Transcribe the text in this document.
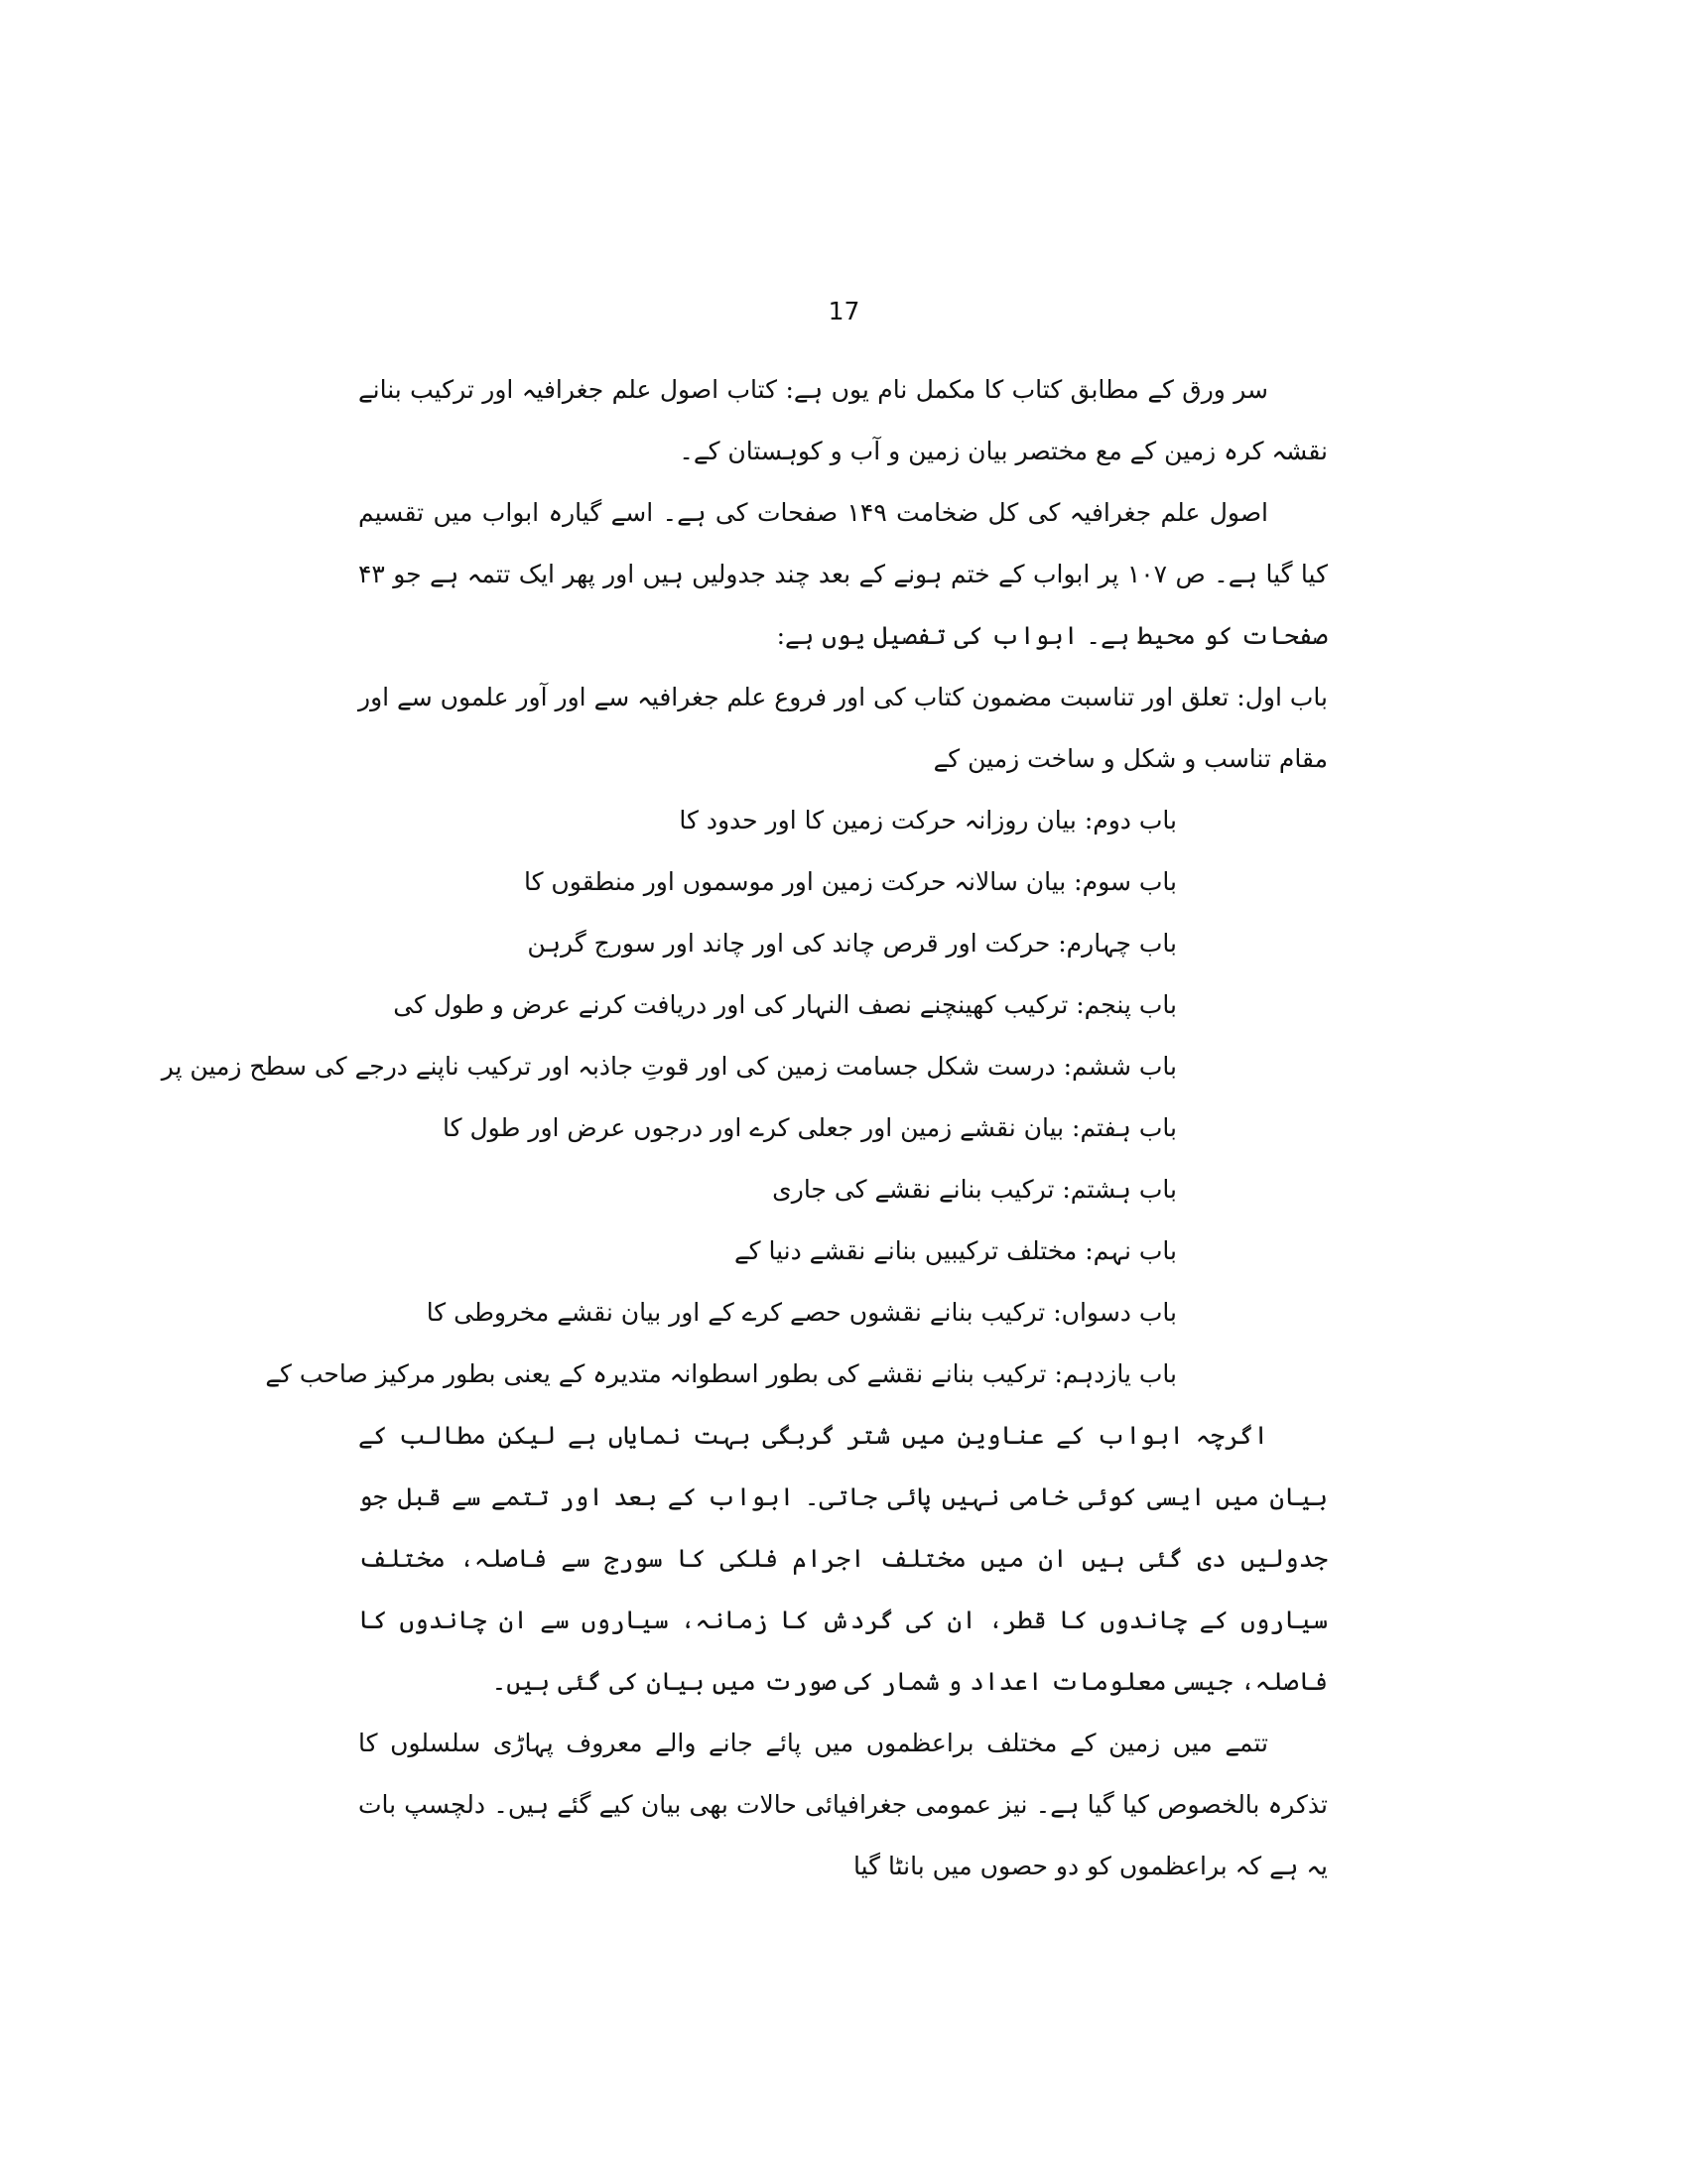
17

سر ورق کے مطابق کتاب کا مکمل نام یوں ہے: کتاب اصول علم جغرافیہ اور ترکیب بنانے نقشہ کرہ زمین کے مع مختصر بیان زمین و آب و کوہستان کے۔

اصول علم جغرافیہ کی کل ضخامت ۱۴۹ صفحات کی ہے۔ اسے گیارہ ابواب میں تقسیم کیا گیا ہے۔ ص ۱۰۷ پر ابواب کے ختم ہونے کے بعد چند جدولیں ہیں اور پھر ایک تتمہ ہے جو ۴۳ صفحات کو محیط ہے۔ ابواب کی تفصیل یوں ہے:

باب اول: تعلق اور تناسبت مضمون کتاب کی اور فروع علم جغرافیہ سے اور آور علموں سے اور مقام تناسب و شکل و ساخت زمین کے

باب دوم: بیان روزانہ حرکت زمین کا اور حدود کا
باب سوم: بیان سالانہ حرکت زمین اور موسموں اور منطقوں کا
باب چہارم: حرکت اور قرص چاند کی اور چاند اور سورج گرہن
باب پنجم: ترکیب کھینچنے نصف النہار کی اور دریافت کرنے عرض و طول کی
باب ششم: درست شکل جسامت زمین کی اور قوتِ جاذبہ اور ترکیب ناپنے درجے کی سطح زمین پر
باب ہفتم: بیان نقشے زمین اور جعلی کرے اور درجوں عرض اور طول کا
باب ہشتم: ترکیب بنانے نقشے کی جاری
باب نہم: مختلف ترکیبیں بنانے نقشے دنیا کے
باب دسواں: ترکیب بنانے نقشوں حصے کرے کے اور بیان نقشے مخروطی کا
باب یازدہم: ترکیب بنانے نقشے کی بطور اسطوانہ متدیرہ کے یعنی بطور مرکیز صاحب کے

اگرچہ ابواب کے عناوین میں شتر گربگی بہت نمایاں ہے لیکن مطالب کے بیان میں ایسی کوئی خامی نہیں پائی جاتی۔ ابواب کے بعد اور تتمے سے قبل جو جدولیں دی گئی ہیں ان میں مختلف اجرام فلکی کا سورج سے فاصلہ، مختلف سیاروں کے چاندوں کا قطر، ان کی گردش کا زمانہ، سیاروں سے ان چاندوں کا فاصلہ، جیسی معلومات اعداد و شمار کی صورت میں بیان کی گئی ہیں۔

تتمے میں زمین کے مختلف براعظموں میں پائے جانے والے معروف پہاڑی سلسلوں کا تذکرہ بالخصوص کیا گیا ہے۔ نیز عمومی جغرافیائی حالات بھی بیان کیے گئے ہیں۔ دلچسپ بات یہ ہے کہ براعظموں کو دو حصوں میں بانٹا گیا
